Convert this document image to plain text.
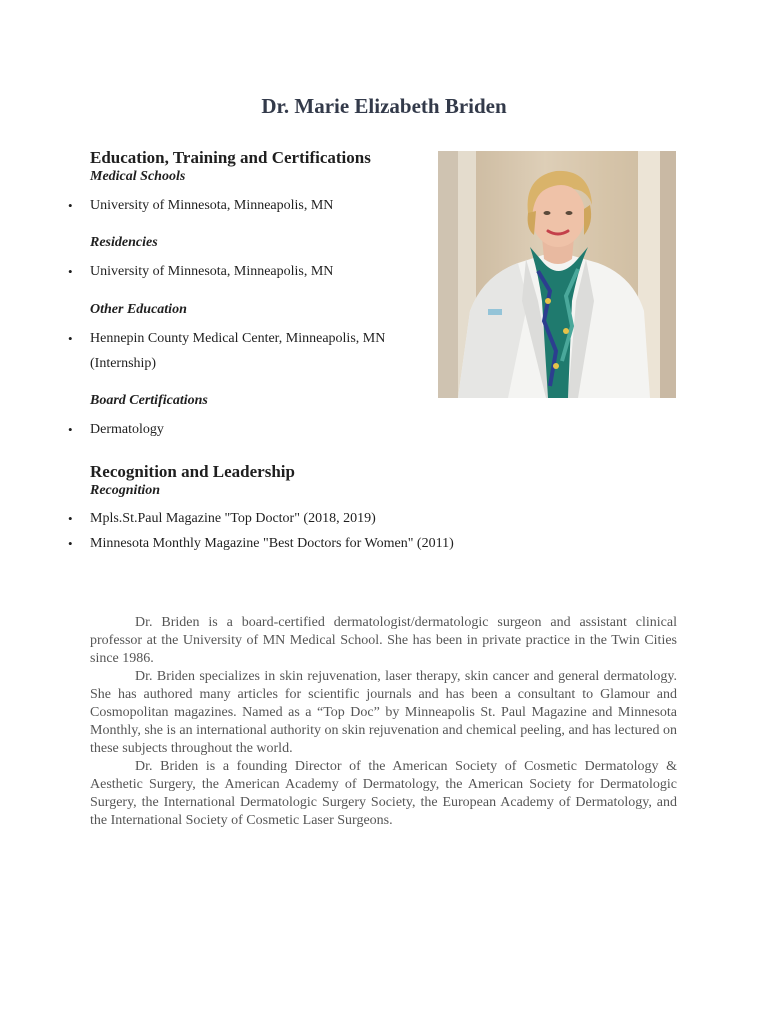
Dr. Marie Elizabeth Briden
Education, Training and Certifications
Medical Schools
• University of Minnesota, Minneapolis, MN
Residencies
• University of Minnesota, Minneapolis, MN
Other Education
• Hennepin County Medical Center, Minneapolis, MN (Internship)
Board Certifications
• Dermatology
Recognition and Leadership
Recognition
• Mpls.St.Paul Magazine "Top Doctor" (2018, 2019)
• Minnesota Monthly Magazine "Best Doctors for Women" (2011)

Dr. Briden is a board-certified dermatologist/dermatologic surgeon and assistant clinical professor at the University of MN Medical School. She has been in private practice in the Twin Cities since 1986.

Dr. Briden specializes in skin rejuvenation, laser therapy, skin cancer and general dermatology. She has authored many articles for scientific journals and has been a consultant to Glamour and Cosmopolitan magazines. Named as a “Top Doc” by Minneapolis St. Paul Magazine and Minnesota Monthly, she is an international authority on skin rejuvenation and chemical peeling, and has lectured on these subjects throughout the world.

Dr. Briden is a founding Director of the American Society of Cosmetic Dermatology & Aesthetic Surgery, the American Academy of Dermatology, the American Society for Dermatologic Surgery, the International Dermatologic Surgery Society, the European Academy of Dermatology, and the International Society of Cosmetic Laser Surgeons.
